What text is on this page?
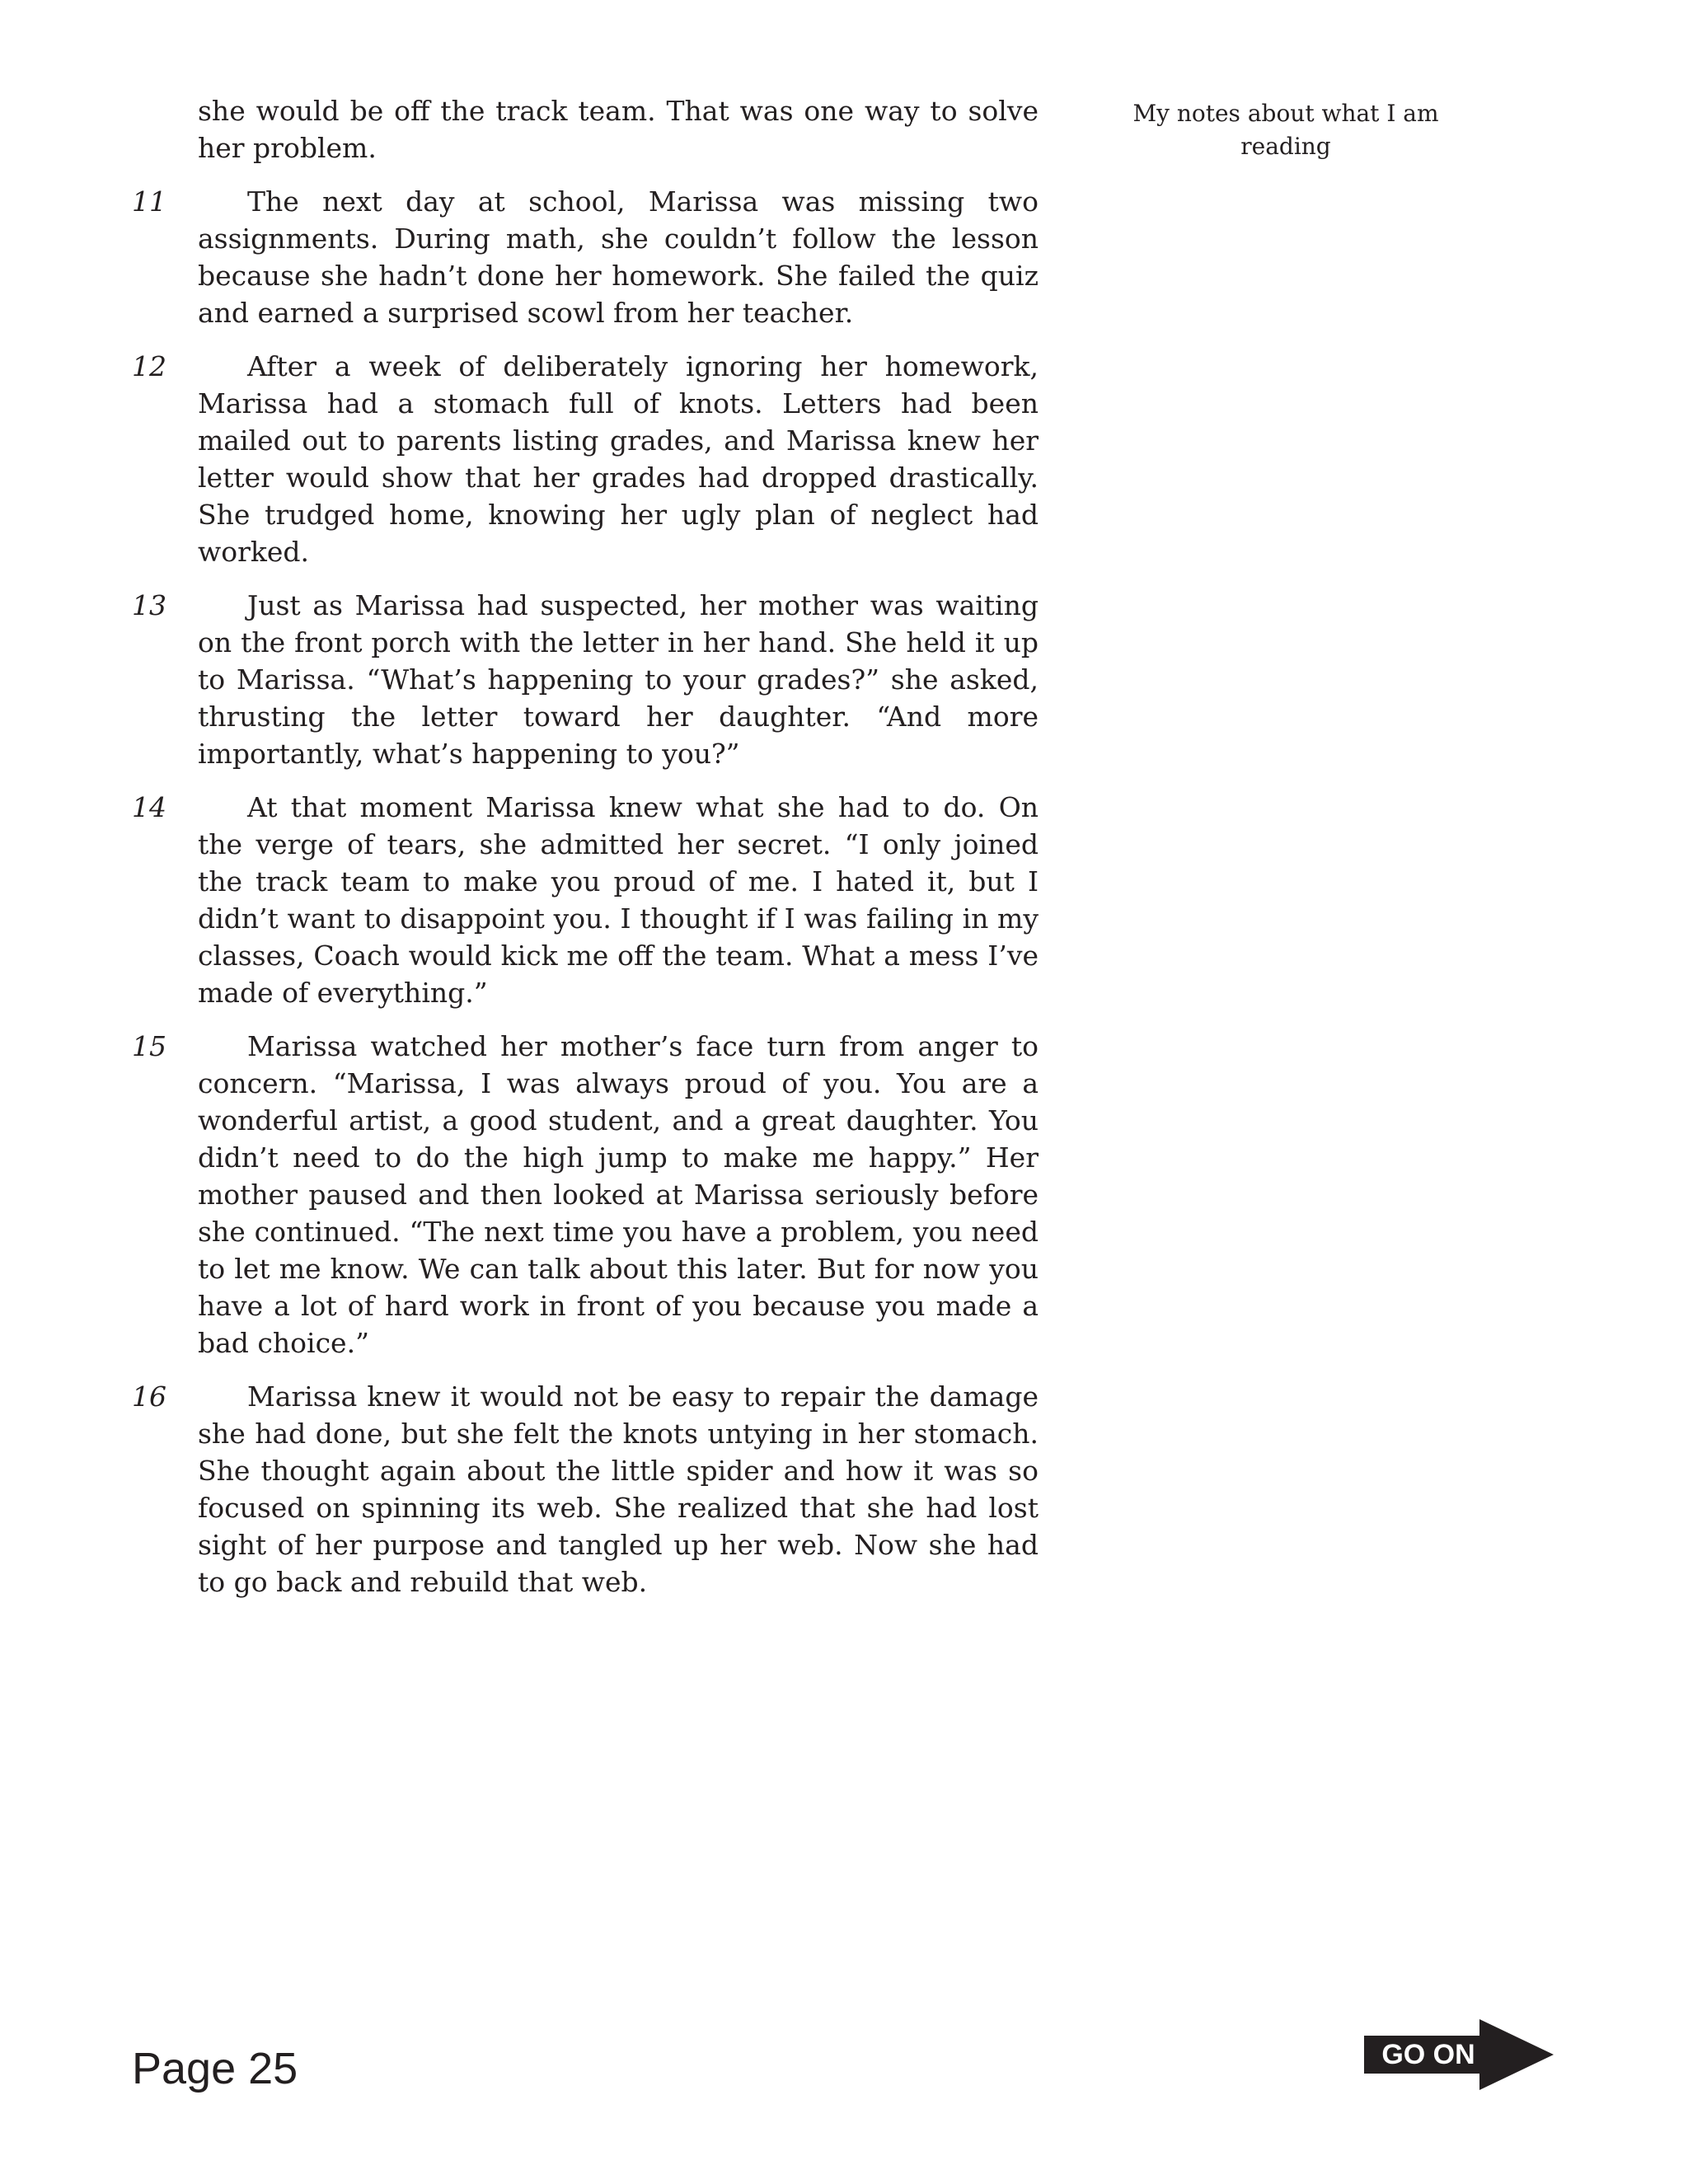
she would be off the track team. That was one way to solve her problem.
11	The next day at school, Marissa was missing two assignments. During math, she couldn’t follow the lesson because she hadn’t done her homework. She failed the quiz and earned a surprised scowl from her teacher.
12	After a week of deliberately ignoring her homework, Marissa had a stomach full of knots. Letters had been mailed out to parents listing grades, and Marissa knew her letter would show that her grades had dropped drastically. She trudged home, knowing her ugly plan of neglect had worked.
13	Just as Marissa had suspected, her mother was waiting on the front porch with the letter in her hand. She held it up to Marissa. “What’s happening to your grades?” she asked, thrusting the letter toward her daughter. “And more importantly, what’s happening to you?”
14	At that moment Marissa knew what she had to do. On the verge of tears, she admitted her secret. “I only joined the track team to make you proud of me. I hated it, but I didn’t want to disappoint you. I thought if I was failing in my classes, Coach would kick me off the team. What a mess I’ve made of everything.”
15	Marissa watched her mother’s face turn from anger to concern. “Marissa, I was always proud of you. You are a wonderful artist, a good student, and a great daughter. You didn’t need to do the high jump to make me happy.” Her mother paused and then looked at Marissa seriously before she continued. “The next time you have a problem, you need to let me know. We can talk about this later. But for now you have a lot of hard work in front of you because you made a bad choice.”
16	Marissa knew it would not be easy to repair the damage she had done, but she felt the knots untying in her stomach. She thought again about the little spider and how it was so focused on spinning its web. She realized that she had lost sight of her purpose and tangled up her web. Now she had to go back and rebuild that web.
My notes about what I am reading
Page 25	GO ON
